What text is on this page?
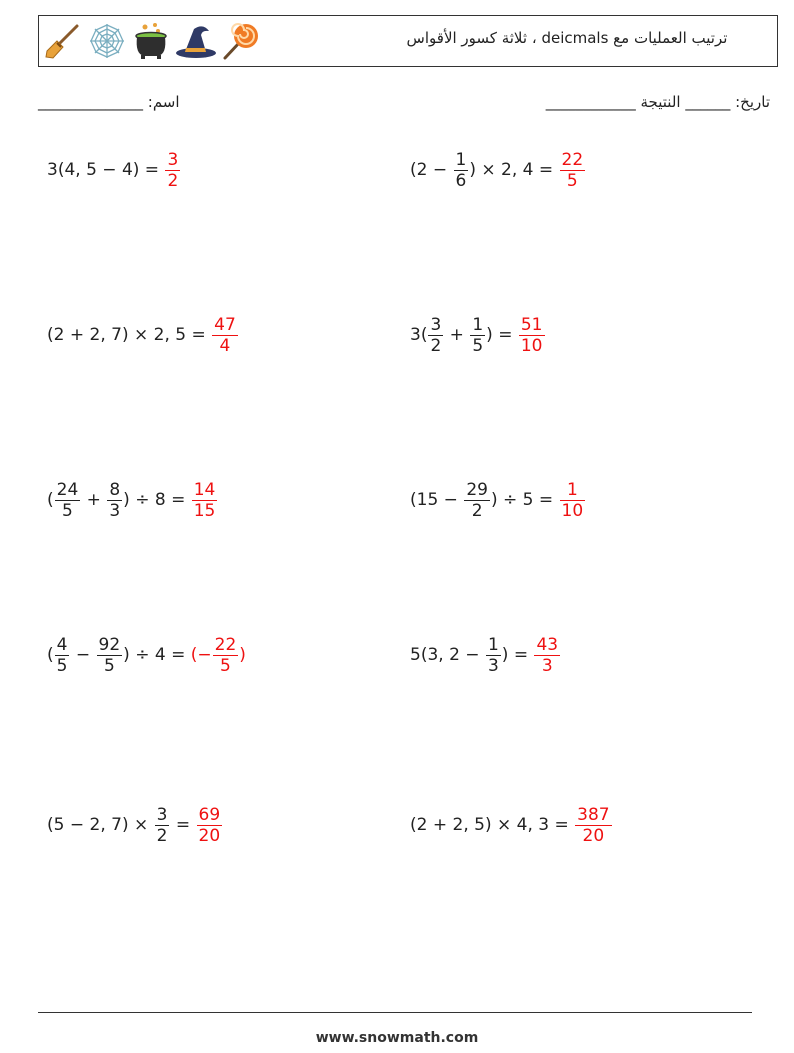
ترتيب العمليات مع deicmals ، ثلاثة كسور الأقواس
اسم: ______________	تاريخ: ______ النتيجة ____________
3(4, $5 - 4) = \frac{3}{2}$	($2 - \frac{1}{6}$ ) × 2, $4 = \frac{22}{5}$
(2 + 2, 7) × 2, $5 = \frac{47}{4}$	$3( \frac{3}{2} + \frac{1}{5}$ ) = $\frac{51}{10}$
( $\frac{24}{5} + \frac{8}{3}$ ) ÷ $8 = \frac{14}{15}$	($15 - \frac{29}{2}$ ) ÷ $5 = \frac{1}{10}$
( $\frac{4}{5} - \frac{92}{5}$ ) ÷ 4 = (− $\frac{22}{5}$ )	5(3, $2 - \frac{1}{3}$ ) = $\frac{43}{3}$
(5 − 2, $7) \times \frac{3}{2} = \frac{69}{20}$	(2 + 2, 5) × 4, $3 = \frac{387}{20}$
www.snowmath.com
